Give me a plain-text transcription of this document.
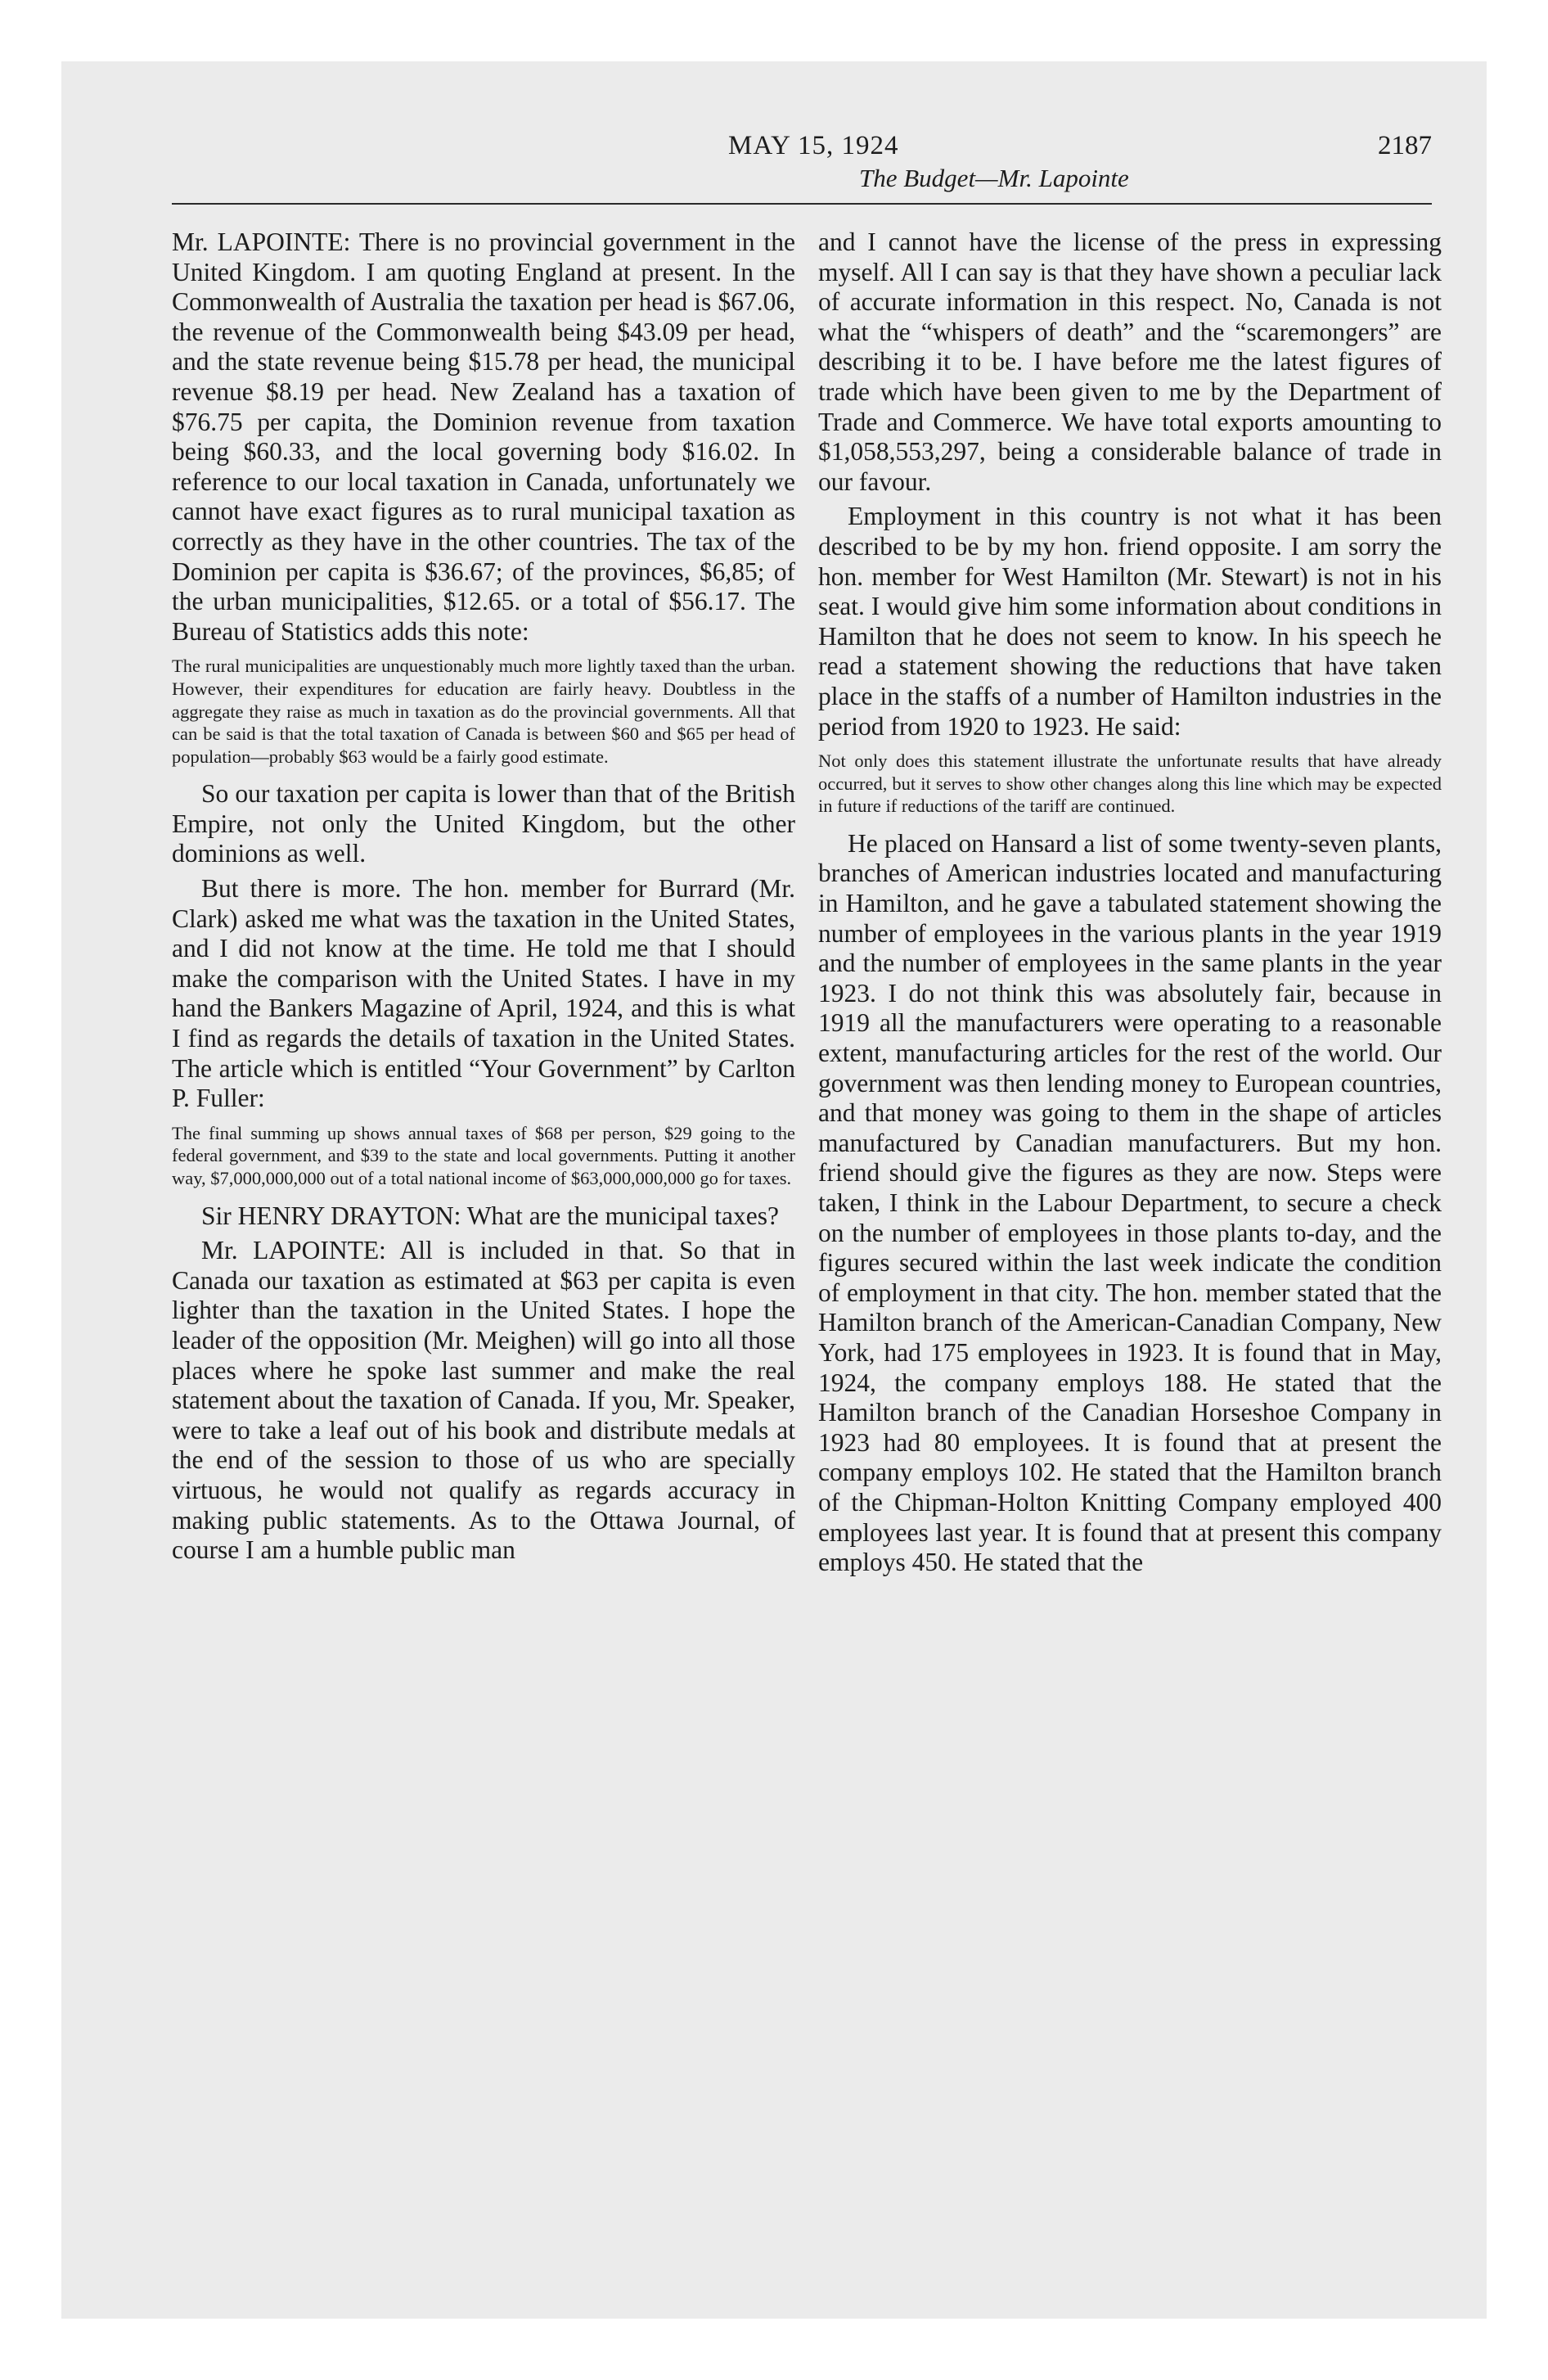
MAY 15, 1924	2187
The Budget—Mr. Lapointe

Mr. LAPOINTE: There is no provincial government in the United Kingdom. I am quoting England at present. In the Commonwealth of Australia the taxation per head is $67.06, the revenue of the Commonwealth being $43.09 per head, and the state revenue being $15.78 per head, the municipal revenue $8.19 per head. New Zealand has a taxation of $76.75 per capita, the Dominion revenue from taxation being $60.33, and the local governing body $16.02. In reference to our local taxation in Canada, unfortunately we cannot have exact figures as to rural municipal taxation as correctly as they have in the other countries. The tax of the Dominion per capita is $36.67; of the provinces, $6,85; of the urban municipalities, $12.65. or a total of $56.17. The Bureau of Statistics adds this note:

The rural municipalities are unquestionably much more lightly taxed than the urban. However, their expenditures for education are fairly heavy. Doubtless in the aggregate they raise as much in taxation as do the provincial governments. All that can be said is that the total taxation of Canada is between $60 and $65 per head of population—probably $63 would be a fairly good estimate.

So our taxation per capita is lower than that of the British Empire, not only the United Kingdom, but the other dominions as well.

But there is more. The hon. member for Burrard (Mr. Clark) asked me what was the taxation in the United States, and I did not know at the time. He told me that I should make the comparison with the United States. I have in my hand the Bankers Magazine of April, 1924, and this is what I find as regards the details of taxation in the United States. The article which is entitled “Your Government” by Carlton P. Fuller:

The final summing up shows annual taxes of $68 per person, $29 going to the federal government, and $39 to the state and local governments. Putting it another way, $7,000,000,000 out of a total national income of $63,000,000,000 go for taxes.

Sir HENRY DRAYTON: What are the municipal taxes?

Mr. LAPOINTE: All is included in that. So that in Canada our taxation as estimated at $63 per capita is even lighter than the taxation in the United States. I hope the leader of the opposition (Mr. Meighen) will go into all those places where he spoke last summer and make the real statement about the taxation of Canada. If you, Mr. Speaker, were to take a leaf out of his book and distribute medals at the end of the session to those of us who are specially virtuous, he would not qualify as regards accuracy in making public statements. As to the Ottawa Journal, of course I am a humble public man

and I cannot have the license of the press in expressing myself. All I can say is that they have shown a peculiar lack of accurate information in this respect. No, Canada is not what the “whispers of death” and the “scaremongers” are describing it to be. I have before me the latest figures of trade which have been given to me by the Department of Trade and Commerce. We have total exports amounting to $1,058,553,297, being a considerable balance of trade in our favour.

Employment in this country is not what it has been described to be by my hon. friend opposite. I am sorry the hon. member for West Hamilton (Mr. Stewart) is not in his seat. I would give him some information about conditions in Hamilton that he does not seem to know. In his speech he read a statement showing the reductions that have taken place in the staffs of a number of Hamilton industries in the period from 1920 to 1923. He said:

Not only does this statement illustrate the unfortunate results that have already occurred, but it serves to show other changes along this line which may be expected in future if reductions of the tariff are continued.

He placed on Hansard a list of some twenty-seven plants, branches of American industries located and manufacturing in Hamilton, and he gave a tabulated statement showing the number of employees in the various plants in the year 1919 and the number of employees in the same plants in the year 1923. I do not think this was absolutely fair, because in 1919 all the manufacturers were operating to a reasonable extent, manufacturing articles for the rest of the world. Our government was then lending money to European countries, and that money was going to them in the shape of articles manufactured by Canadian manufacturers. But my hon. friend should give the figures as they are now. Steps were taken, I think in the Labour Department, to secure a check on the number of employees in those plants to-day, and the figures secured within the last week indicate the condition of employment in that city. The hon. member stated that the Hamilton branch of the American-Canadian Company, New York, had 175 employees in 1923. It is found that in May, 1924, the company employs 188. He stated that the Hamilton branch of the Canadian Horseshoe Company in 1923 had 80 employees. It is found that at present the company employs 102. He stated that the Hamilton branch of the Chipman-Holton Knitting Company employed 400 employees last year. It is found that at present this company employs 450. He stated that the
